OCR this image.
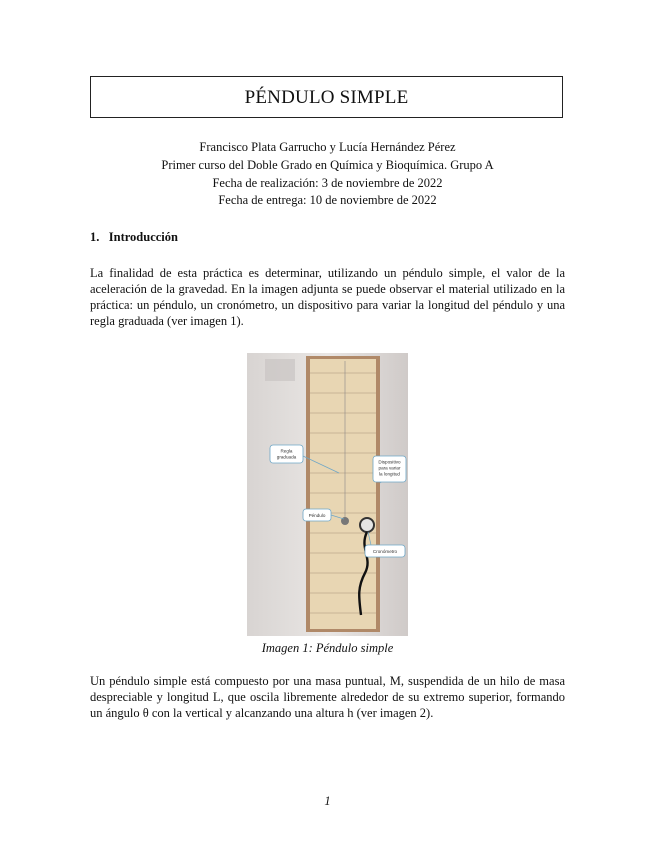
PÉNDULO SIMPLE
Francisco Plata Garrucho y Lucía Hernández Pérez
Primer curso del Doble Grado en Química y Bioquímica. Grupo A
Fecha de realización: 3 de noviembre de 2022
Fecha de entrega: 10 de noviembre de 2022
1.   Introducción
La finalidad de esta práctica es determinar, utilizando un péndulo simple, el valor de la aceleración de la gravedad. En la imagen adjunta se puede observar el material utilizado en la práctica: un péndulo, un cronómetro, un dispositivo para variar la longitud del péndulo y una regla graduada (ver imagen 1).
Regla
graduada
Dispositivo
para variar
la longitud
Péndulo
Cronómetro
Imagen 1: Péndulo simple
Un péndulo simple está compuesto por una masa puntual, M, suspendida de un hilo de masa despreciable y longitud L, que oscila libremente alrededor de su extremo superior, formando un ángulo θ con la vertical y alcanzando una altura h (ver imagen 2).
1
